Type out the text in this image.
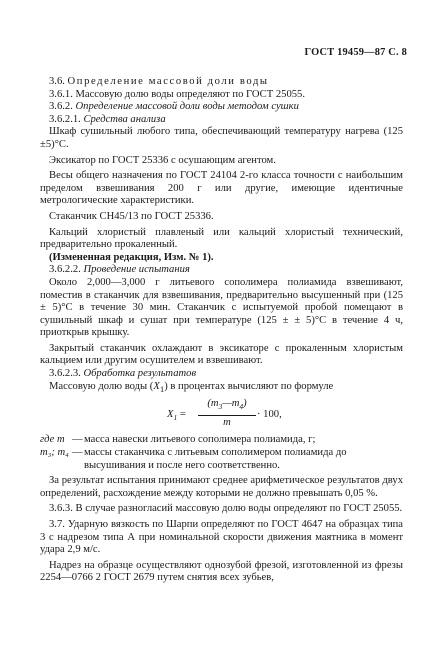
ГОСТ 19459—87 С. 8

3.6. Определение массовой доли воды

3.6.1. Массовую долю воды определяют по ГОСТ 25055.

3.6.2. Определение массовой доли воды методом сушки

3.6.2.1. Средства анализа

Шкаф сушильный любого типа, обеспечивающий температуру нагрева (125 ±5)°С.

Эксикатор по ГОСТ 25336 с осушающим агентом.

Весы общего назначения по ГОСТ 24104 2-го класса точности с наибольшим пределом взвешивания 200 г или другие, имеющие идентичные метрологические характеристики.

Стаканчик СН45/13 по ГОСТ 25336.

Кальций хлористый плавленый или кальций хлористый технический, предварительно прокаленный.

(Измененная редакция, Изм. № 1).

3.6.2.2. Проведение испытания

Около 2,000—3,000 г литьевого сополимера полиамида взвешивают, поместив в стаканчик для взвешивания, предварительно высушенный при (125 ± 5)°С в течение 30 мин. Стаканчик с испытуемой пробой помещают в сушильный шкаф и сушат при температуре (125 ± ± 5)°С в течение 4 ч, приоткрыв крышку.

Закрытый стаканчик охлаждают в эксикаторе с прокаленным хлористым кальцием или другим осушителем и взвешивают.

3.6.2.3. Обработка результатов

Массовую долю воды $(X_1)$ в процентах вычисляют по формуле

$X_1$ =
$(m_3—m_4)$
m
· 100,
где m — масса навески литьевого сополимера полиамида, г;
m₃; m₄ — массы стаканчика с литьевым сополимером полиамида до высушивания и после него соответственно.

За результат испытания принимают среднее арифметическое результатов двух определений, расхождение между которыми не должно превышать 0,05 %.

3.6.3. В случае разногласий массовую долю воды определяют по ГОСТ 25055.

3.7. Ударную вязкость по Шарпи определяют по ГОСТ 4647 на образцах типа 3 с надрезом типа А при номинальной скорости движения маятника в момент удара 2,9 м/с.

Надрез на образце осуществляют однозубой фрезой, изготовленной из фрезы 2254—0766 2 ГОСТ 2679 путем снятия всех зубьев,
